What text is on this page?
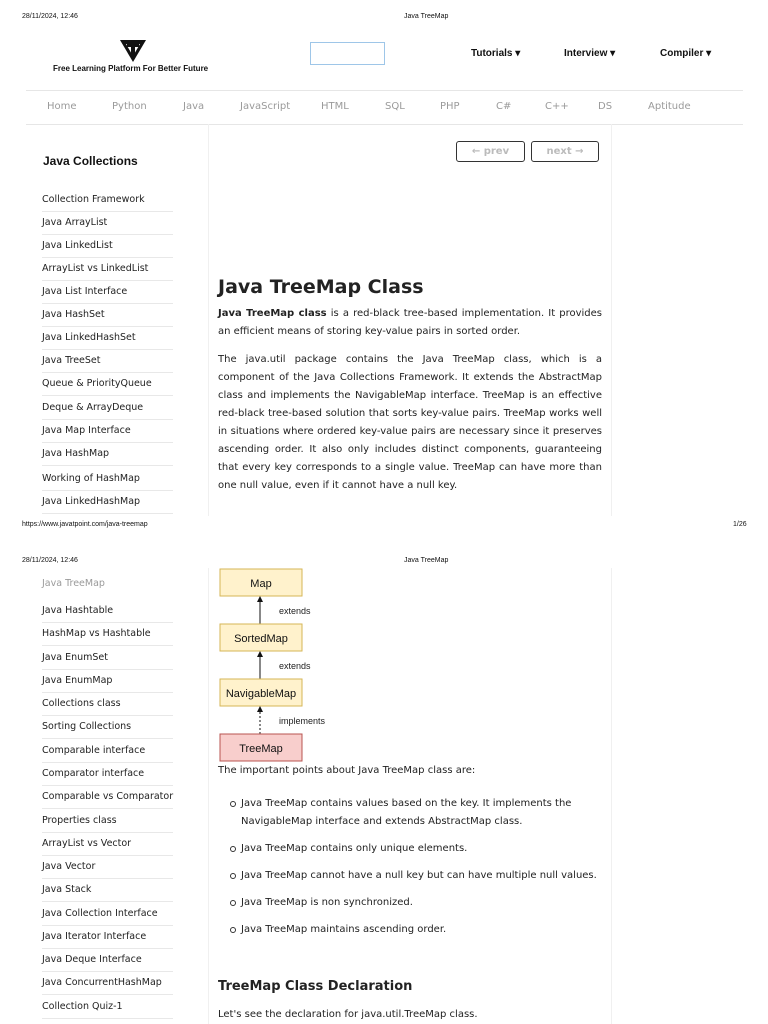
28/11/2024, 12:46	Java TreeMap
Free Learning Platform For Better Future
Tutorials ▾	Interview ▾	Compiler ▾
Home	Python	Java	JavaScript	HTML	SQL	PHP	C#	C++	DS	Aptitude
Java Collections
Collection Framework
Java ArrayList
Java LinkedList
ArrayList vs LinkedList
Java List Interface
Java HashSet
Java LinkedHashSet
Java TreeSet
Queue & PriorityQueue
Deque & ArrayDeque
Java Map Interface
Java HashMap
Working of HashMap
Java LinkedHashMap
← prev	next →
Java TreeMap Class

Java TreeMap class is a red-black tree-based implementation. It provides an efficient means of storing key-value pairs in sorted order.

The java.util package contains the Java TreeMap class, which is a component of the Java Collections Framework. It extends the AbstractMap class and implements the NavigableMap interface. TreeMap is an effective red-black tree-based solution that sorts key-value pairs. TreeMap works well in situations where ordered key-value pairs are necessary since it preserves ascending order. It also only includes distinct components, guaranteeing that every key corresponds to a single value. TreeMap can have more than one null value, even if it cannot have a null key.

https://www.javatpoint.com/java-treemap	1/26
28/11/2024, 12:46	Java TreeMap
Java TreeMap
Java Hashtable
HashMap vs Hashtable
Java EnumSet
Java EnumMap
Collections class
Sorting Collections
Comparable interface
Comparator interface
Comparable vs Comparator
Properties class
ArrayList vs Vector
Java Vector
Java Stack
Java Collection Interface
Java Iterator Interface
Java Deque Interface
Java ConcurrentHashMap
Collection Quiz-1
Map
extends
SortedMap
extends
NavigableMap
implements
TreeMap

The important points about Java TreeMap class are:

Java TreeMap contains values based on the key. It implements the NavigableMap interface and extends AbstractMap class.
Java TreeMap contains only unique elements.
Java TreeMap cannot have a null key but can have multiple null values.
Java TreeMap is non synchronized.
Java TreeMap maintains ascending order.
TreeMap Class Declaration

Let's see the declaration for java.util.TreeMap class.
